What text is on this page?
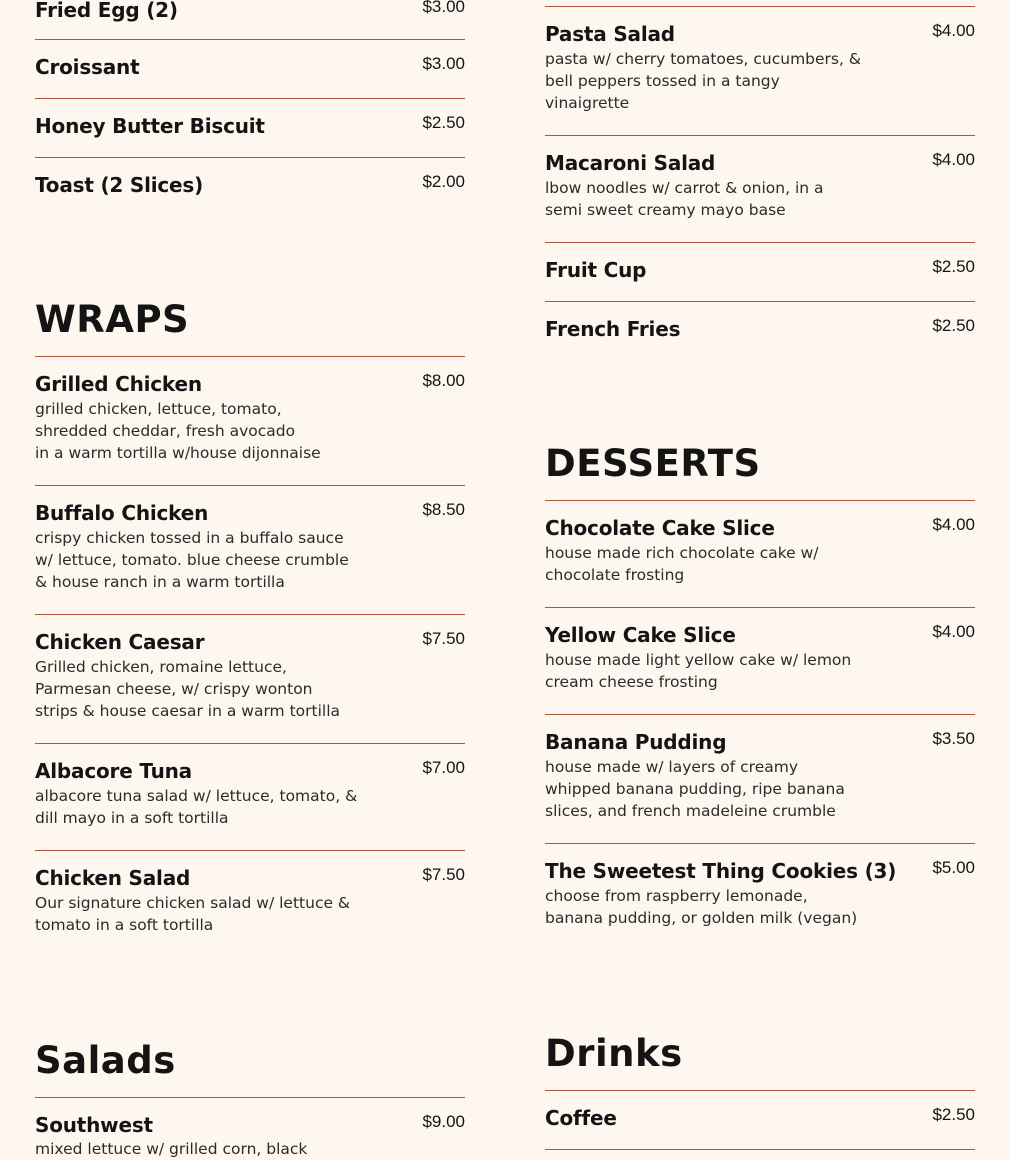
Fried Egg (2)	$3.00
Croissant	$3.00
Honey Butter Biscuit	$2.50
Toast (2 Slices)	$2.00
WRAPS
Grilled Chicken	$8.00
grilled chicken, lettuce, tomato,
shredded cheddar, fresh avocado
in a warm tortilla w/house dijonnaise
Buffalo Chicken	$8.50
crispy chicken tossed in a buffalo sauce
w/ lettuce, tomato. blue cheese crumble
& house ranch in a warm tortilla
Chicken Caesar	$7.50
Grilled chicken, romaine lettuce,
Parmesan cheese, w/ crispy wonton
strips & house caesar in a warm tortilla
Albacore Tuna	$7.00
albacore tuna salad w/ lettuce, tomato, &
dill mayo in a soft tortilla
Chicken Salad	$7.50
Our signature chicken salad w/ lettuce &
tomato in a soft tortilla
Salads
Southwest	$9.00
mixed lettuce w/ grilled corn, black
Pasta Salad	$4.00
pasta w/ cherry tomatoes, cucumbers, &
bell peppers tossed in a tangy
vinaigrette
Macaroni Salad	$4.00
lbow noodles w/ carrot & onion, in a
semi sweet creamy mayo base
Fruit Cup	$2.50
French Fries	$2.50
DESSERTS
Chocolate Cake Slice	$4.00
house made rich chocolate cake w/
chocolate frosting
Yellow Cake Slice	$4.00
house made light yellow cake w/ lemon
cream cheese frosting
Banana Pudding	$3.50
house made w/ layers of creamy
whipped banana pudding, ripe banana
slices, and french madeleine crumble
The Sweetest Thing Cookies (3) $5.00
choose from raspberry lemonade,
banana pudding, or golden milk (vegan)
Drinks
Coffee	$2.50
